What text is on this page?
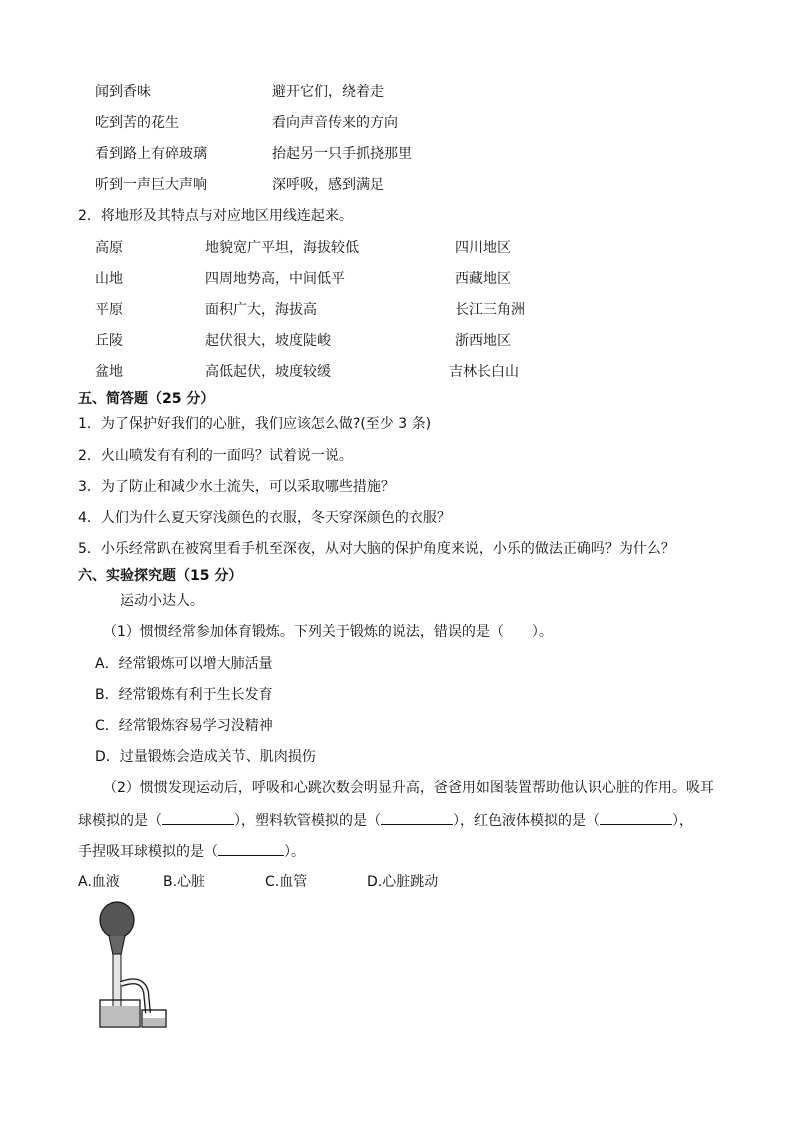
闻到香味	避开它们，绕着走
吃到苦的花生	看向声音传来的方向
看到路上有碎玻璃	抬起另一只手抓挠那里
听到一声巨大声响	深呼吸，感到满足
2．将地形及其特点与对应地区用线连起来。
高原	地貌宽广平坦，海拔较低	四川地区
山地	四周地势高，中间低平	西藏地区
平原	面积广大，海拔高	长江三角洲
丘陵	起伏很大，坡度陡峻	浙西地区
盆地	高低起伏，坡度较缓	吉林长白山
五、简答题（25 分）
1．为了保护好我们的心脏，我们应该怎么做?(至少 3 条)
2．火山喷发有有利的一面吗？试着说一说。
3．为了防止和减少水土流失，可以采取哪些措施？
4．人们为什么夏天穿浅颜色的衣服，冬天穿深颜色的衣服？
5．小乐经常趴在被窝里看手机至深夜，从对大脑的保护角度来说，小乐的做法正确吗？为什么？
六、实验探究题（15 分）
运动小达人。
（1）惯惯经常参加体育锻炼。下列关于锻炼的说法，错误的是（　　）。
A．经常锻炼可以增大肺活量
B．经常锻炼有利于生长发育
C．经常锻炼容易学习没精神
D．过量锻炼会造成关节、肌肉损伤
（2）惯惯发现运动后，呼吸和心跳次数会明显升高，爸爸用如图装置帮助他认识心脏的作用。吸耳
球模拟的是（	），塑料软管模拟的是（	），红色液体模拟的是（	），
手捏吸耳球模拟的是（	）。
A.血液	B.心脏	C.血管	D.心脏跳动
